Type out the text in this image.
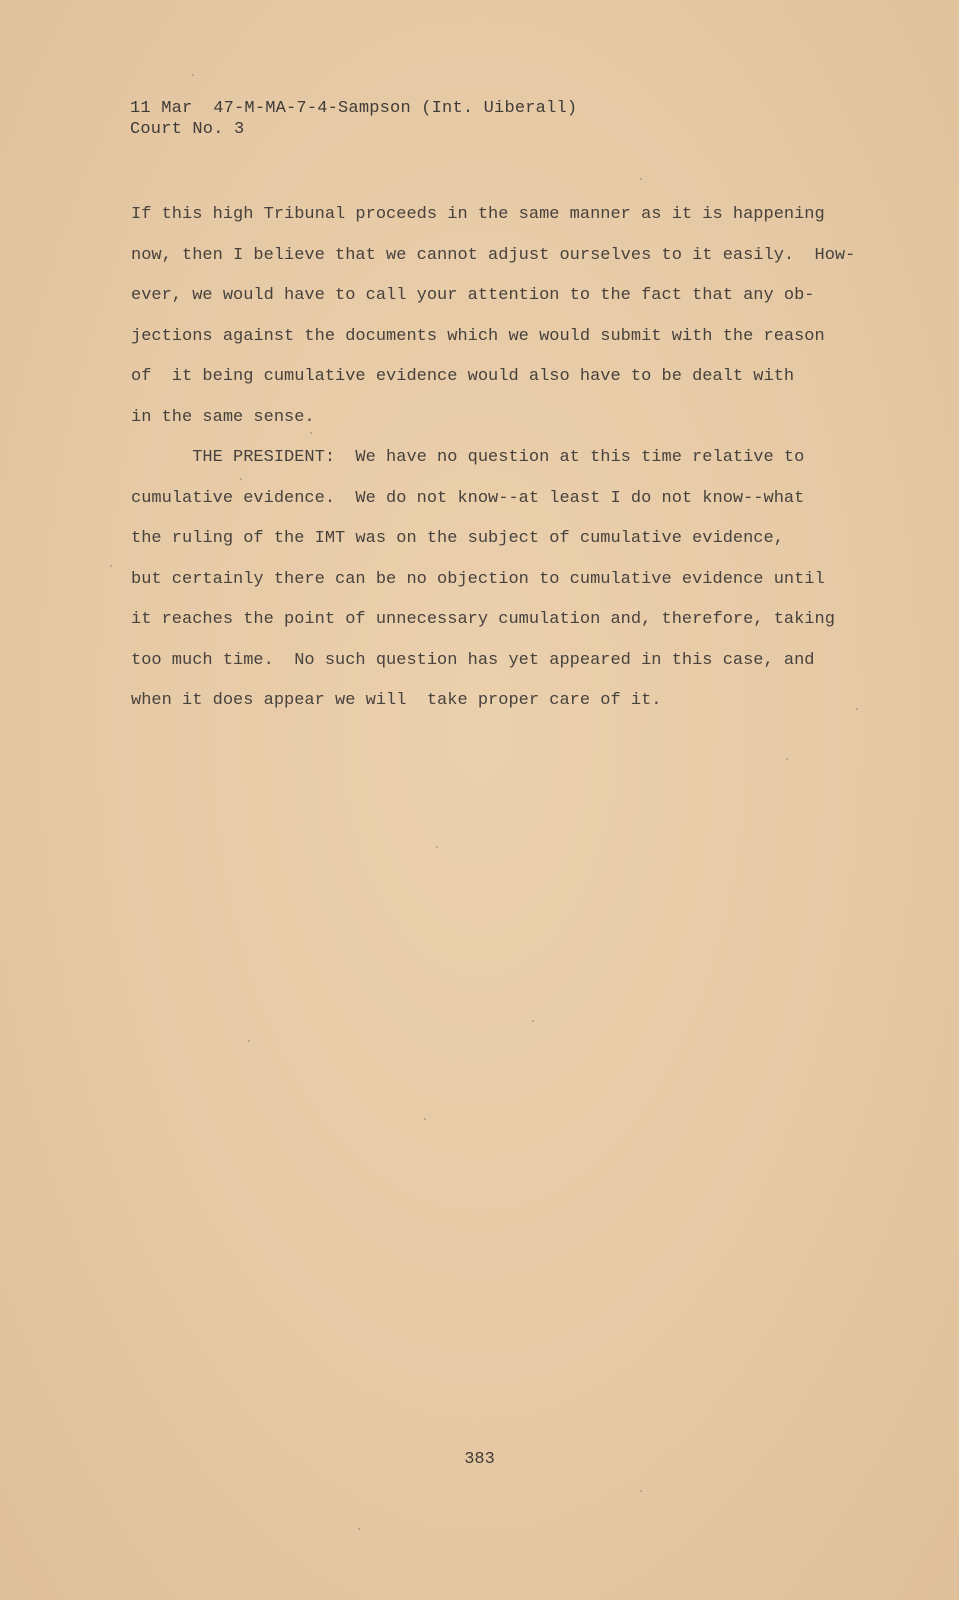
11 Mar  47-M-MA-7-4-Sampson (Int. Uiberall)
Court No. 3
If this high Tribunal proceeds in the same manner as it is happening
now, then I believe that we cannot adjust ourselves to it easily.  How-
ever, we would have to call your attention to the fact that any ob-
jections against the documents which we would submit with the reason
of  it being cumulative evidence would also have to be dealt with
in the same sense.
THE PRESIDENT:  We have no question at this time relative to
cumulative evidence.  We do not know--at least I do not know--what
the ruling of the IMT was on the subject of cumulative evidence,
but certainly there can be no objection to cumulative evidence until
it reaches the point of unnecessary cumulation and, therefore, taking
too much time.  No such question has yet appeared in this case, and
when it does appear we will  take proper care of it.
383
